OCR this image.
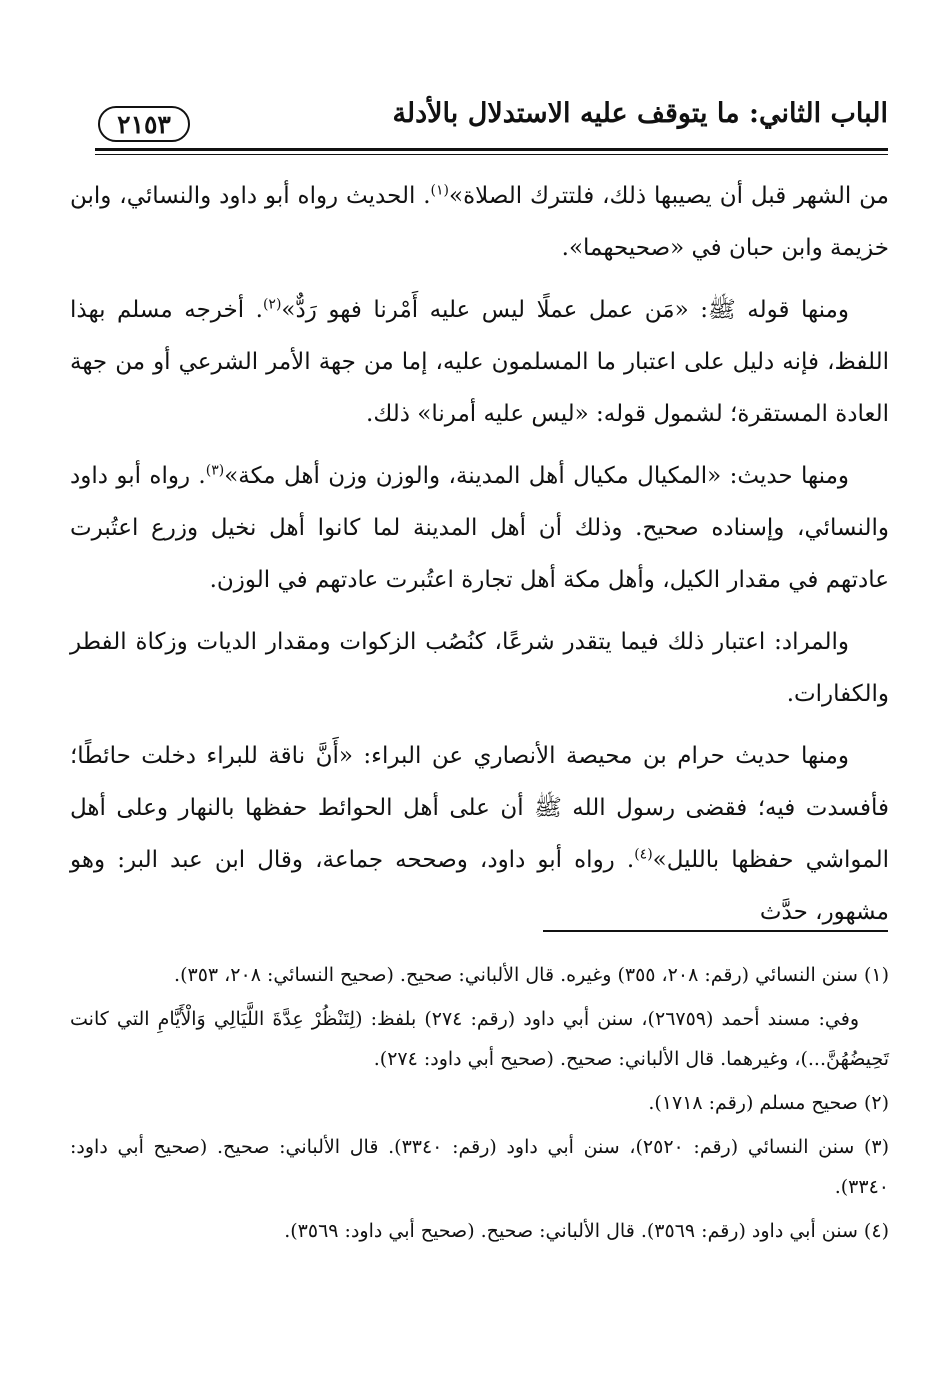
الباب الثاني: ما يتوقف عليه الاستدلال بالأدلة
٢١٥٣

من الشهر قبل أن يصيبها ذلك، فلتترك الصلاة»$^{(١)}$. الحديث رواه أبو داود والنسائي، وابن خزيمة وابن حبان في «صحيحهما».

ومنها قوله ﷺ: «مَن عمل عملًا ليس عليه أَمْرنا فهو رَدٌّ»$^{(٢)}$. أخرجه مسلم بهذا اللفظ، فإنه دليل على اعتبار ما المسلمون عليه، إما من جهة الأمر الشرعي أو من جهة العادة المستقرة؛ لشمول قوله: «ليس عليه أمرنا» ذلك.

ومنها حديث: «المكيال مكيال أهل المدينة، والوزن وزن أهل مكة»$^{(٣)}$. رواه أبو داود والنسائي، وإسناده صحيح. وذلك أن أهل المدينة لما كانوا أهل نخيل وزرع اعتُبرت عادتهم في مقدار الكيل، وأهل مكة أهل تجارة اعتُبرت عادتهم في الوزن.

والمراد: اعتبار ذلك فيما يتقدر شرعًا، كنُصُب الزكوات ومقدار الديات وزكاة الفطر والكفارات.

ومنها حديث حرام بن محيصة الأنصاري عن البراء: «أَنَّ ناقة للبراء دخلت حائطًا؛ فأفسدت فيه؛ فقضى رسول الله ﷺ أن على أهل الحوائط حفظها بالنهار وعلى أهل المواشي حفظها بالليل»$^{(٤)}$. رواه أبو داود، وصححه جماعة، وقال ابن عبد البر: وهو مشهور، حدَّث

(١) سنن النسائي (رقم: ٢٠٨، ٣٥٥) وغيره. قال الألباني: صحيح. (صحيح النسائي: ٢٠٨، ٣٥٣).

وفي: مسند أحمد (٢٦٧٥٩)، سنن أبي داود (رقم: ٢٧٤) بلفظ: (لِتَنْظُرْ عِدَّةَ اللَّيَالِي وَالْأَيَّامِ التي كانت تَحِيضُهُنَّ...)، وغيرهما. قال الألباني: صحيح. (صحيح أبي داود: ٢٧٤).

(٢) صحيح مسلم (رقم: ١٧١٨).

(٣) سنن النسائي (رقم: ٢٥٢٠)، سنن أبي داود (رقم: ٣٣٤٠). قال الألباني: صحيح. (صحيح أبي داود: ٣٣٤٠).

(٤) سنن أبي داود (رقم: ٣٥٦٩). قال الألباني: صحيح. (صحيح أبي داود: ٣٥٦٩).
